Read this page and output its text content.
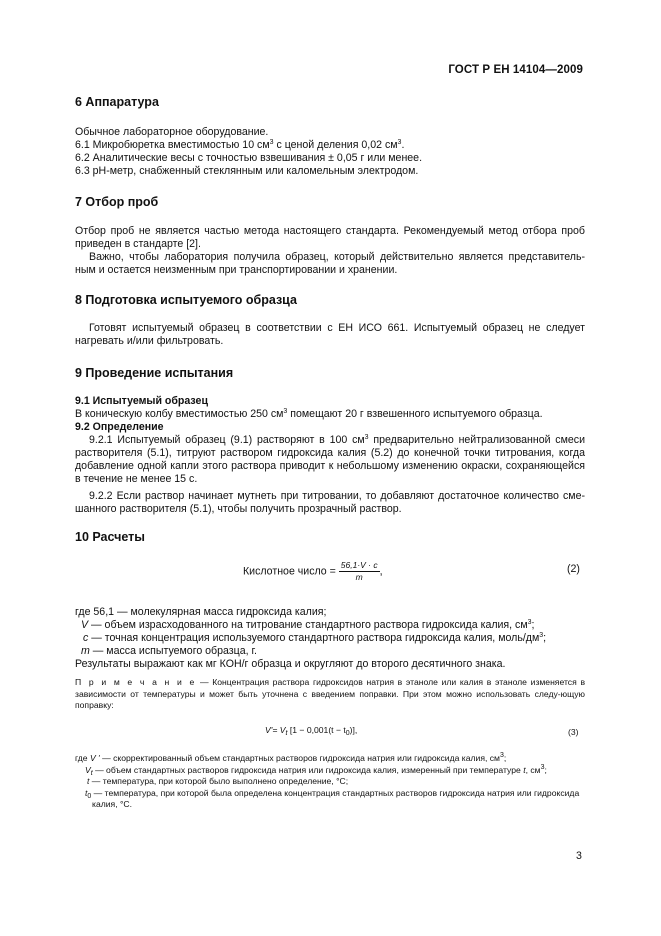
ГОСТ Р ЕН 14104—2009
6 Аппаратура
Обычное лабораторное оборудование.
6.1 Микробюретка вместимостью 10 $см^3$ с ценой деления 0,02 $см^3$.
6.2 Аналитические весы с точностью взвешивания ± 0,05 г или менее.
6.3 рН-метр, снабженный стеклянным или каломельным электродом.
7 Отбор проб
Отбор проб не является частью метода настоящего стандарта. Рекомендуемый метод отбора проб приведен в стандарте [2].
Важно, чтобы лаборатория получила образец, который действительно является представитель-ным и остается неизменным при транспортировании и хранении.
8 Подготовка испытуемого образца
Готовят испытуемый образец в соответствии с ЕН ИСО 661. Испытуемый образец не следует нагревать и/или фильтровать.
9 Проведение испытания
9.1 Испытуемый образец
В коническую колбу вместимостью 250 $см^3$ помещают 20 г взвешенного испытуемого образца.
9.2 Определение
9.2.1 Испытуемый образец (9.1) растворяют в 100 $см^3$ предварительно нейтрализованной смеси растворителя (5.1), титруют раствором гидроксида калия (5.2) до конечной точки титрования, когда добавление одной капли этого раствора приводит к небольшому изменению окраски, сохраняющейся в течение не менее 15 с.
9.2.2 Если раствор начинает мутнеть при титровании, то добавляют достаточное количество сме-шанного растворителя (5.1), чтобы получить прозрачный раствор.
10 Расчеты
Кислотное число = $\frac{56,1\cdot V \cdot c}{m}$ ,	(2)
где 56,1 — молекулярная масса гидроксида калия;
V — объем израсходованного на титрование стандартного раствора гидроксида калия, $см^3$;
c — точная концентрация используемого стандартного раствора гидроксида калия, моль/$дм^3$;
m — масса испытуемого образца, г.
Результаты выражают как мг КОН/г образца и округляют до второго десятичного знака.
П р и м е ч а н и е — Концентрация раствора гидроксидов натрия в этаноле или калия в этаноле изменяется в зависимости от температуры и может быть уточнена с введением поправки. При этом можно использовать следу-ющую поправку:
$V'= V_t$ $[1 - 0,001(t - t_0)]$,	(3)
где V ' — скорректированный объем стандартных растворов гидроксида натрия или гидроксида калия, $см^3$;
$V_t$ — объем стандартных растворов гидроксида натрия или гидроксида калия, измеренный при температуре t, $см^3$;
t — температура, при которой было выполнено определение, °С;
$t_0$ — температура, при которой была определена концентрация стандартных растворов гидроксида натрия или гидроксида калия, °С.
3
